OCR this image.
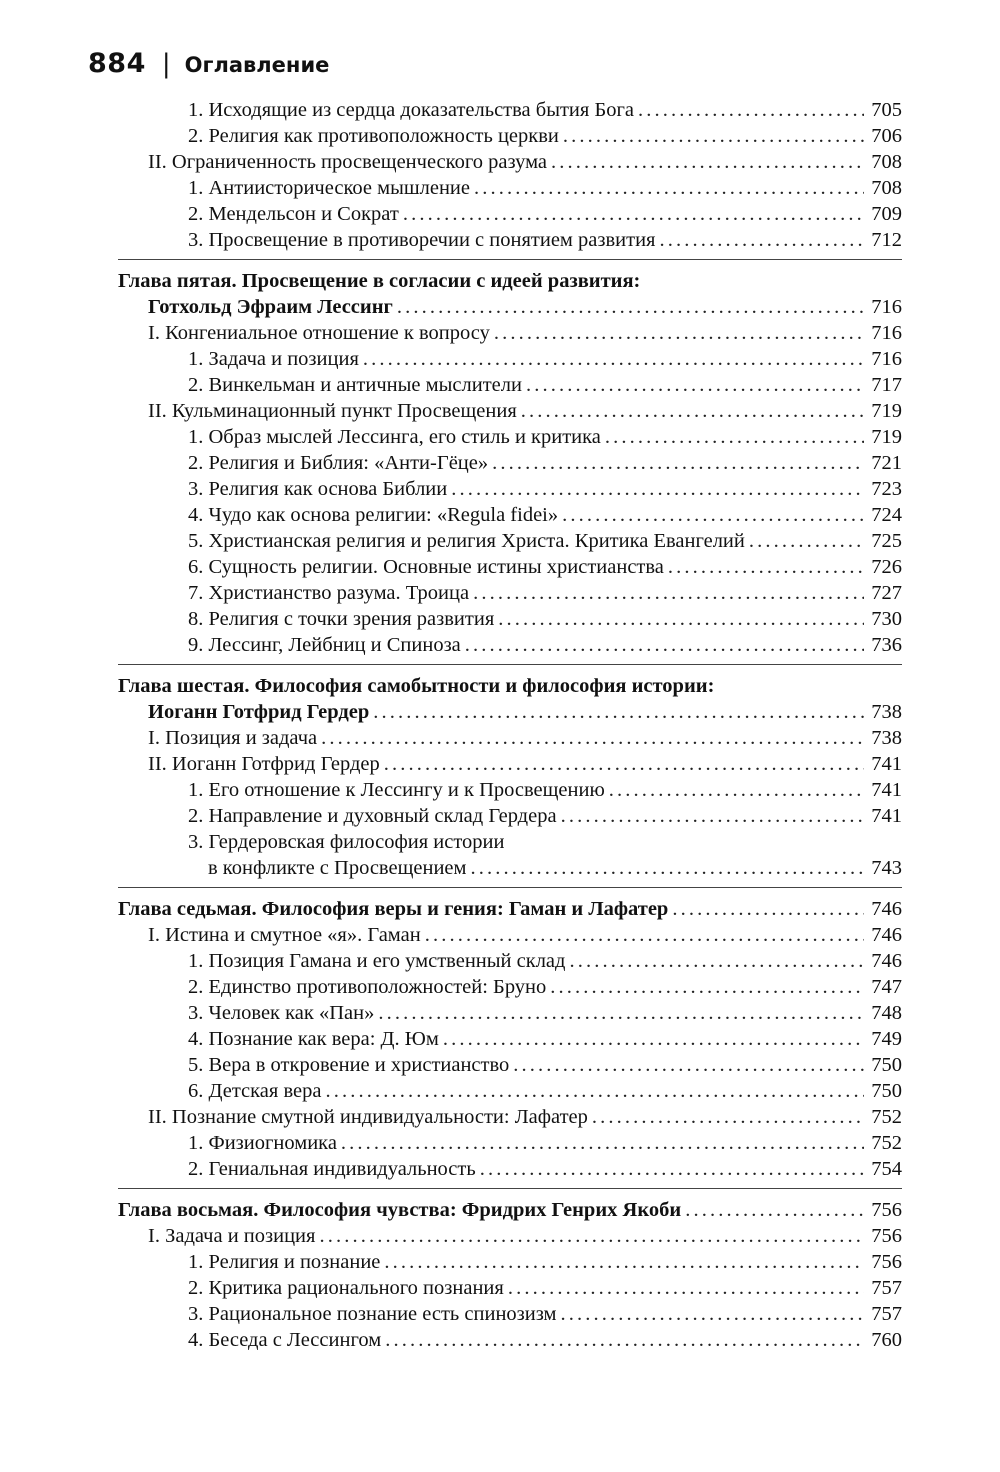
884 | Оглавление
1. Исходящие из сердца доказательства бытия Бога . . .	705
2. Религия как противоположность церкви . . .	706
II. Ограниченность просвещенческого разума . . .	708
1. Антиисторическое мышление . . .	708
2. Мендельсон и Сократ . . .	709
3. Просвещение в противоречии с понятием развития . . .	712
Глава пятая. Просвещение в согласии с идеей развития:
Готхольд Эфраим Лессинг . . .	716
I. Конгениальное отношение к вопросу . . .	716
1. Задача и позиция . . .	716
2. Винкельман и античные мыслители . . .	717
II. Кульминационный пункт Просвещения . . .	719
1. Образ мыслей Лессинга, его стиль и критика . . .	719
2. Религия и Библия: «Анти-Гёце» . . .	721
3. Религия как основа Библии . . .	723
4. Чудо как основа религии: «Regula fidei» . . .	724
5. Христианская религия и религия Христа. Критика Евангелий . . .	725
6. Сущность религии. Основные истины христианства . . .	726
7. Христианство разума. Троица . . .	727
8. Религия с точки зрения развития . . .	730
9. Лессинг, Лейбниц и Спиноза . . .	736
Глава шестая. Философия самобытности и философия истории:
Иоганн Готфрид Гердер . . .	738
I. Позиция и задача . . .	738
II. Иоганн Готфрид Гердер . . .	741
1. Его отношение к Лессингу и к Просвещению . . .	741
2. Направление и духовный склад Гердера . . .	741
3. Гердеровская философия истории
в конфликте с Просвещением . . .	743
Глава седьмая. Философия веры и гения: Гаман и Лафатер . . .	746
I. Истина и смутное «я». Гаман . . .	746
1. Позиция Гамана и его умственный склад . . .	746
2. Единство противоположностей: Бруно . . .	747
3. Человек как «Пан» . . .	748
4. Познание как вера: Д. Юм . . .	749
5. Вера в откровение и христианство . . .	750
6. Детская вера . . .	750
II. Познание смутной индивидуальности: Лафатер . . .	752
1. Физиогномика . . .	752
2. Гениальная индивидуальность . . .	754
Глава восьмая. Философия чувства: Фридрих Генрих Якоби . . .	756
I. Задача и позиция . . .	756
1. Религия и познание . . .	756
2. Критика рационального познания . . .	757
3. Рациональное познание есть спинозизм . . .	757
4. Беседа с Лессингом . . .	760
